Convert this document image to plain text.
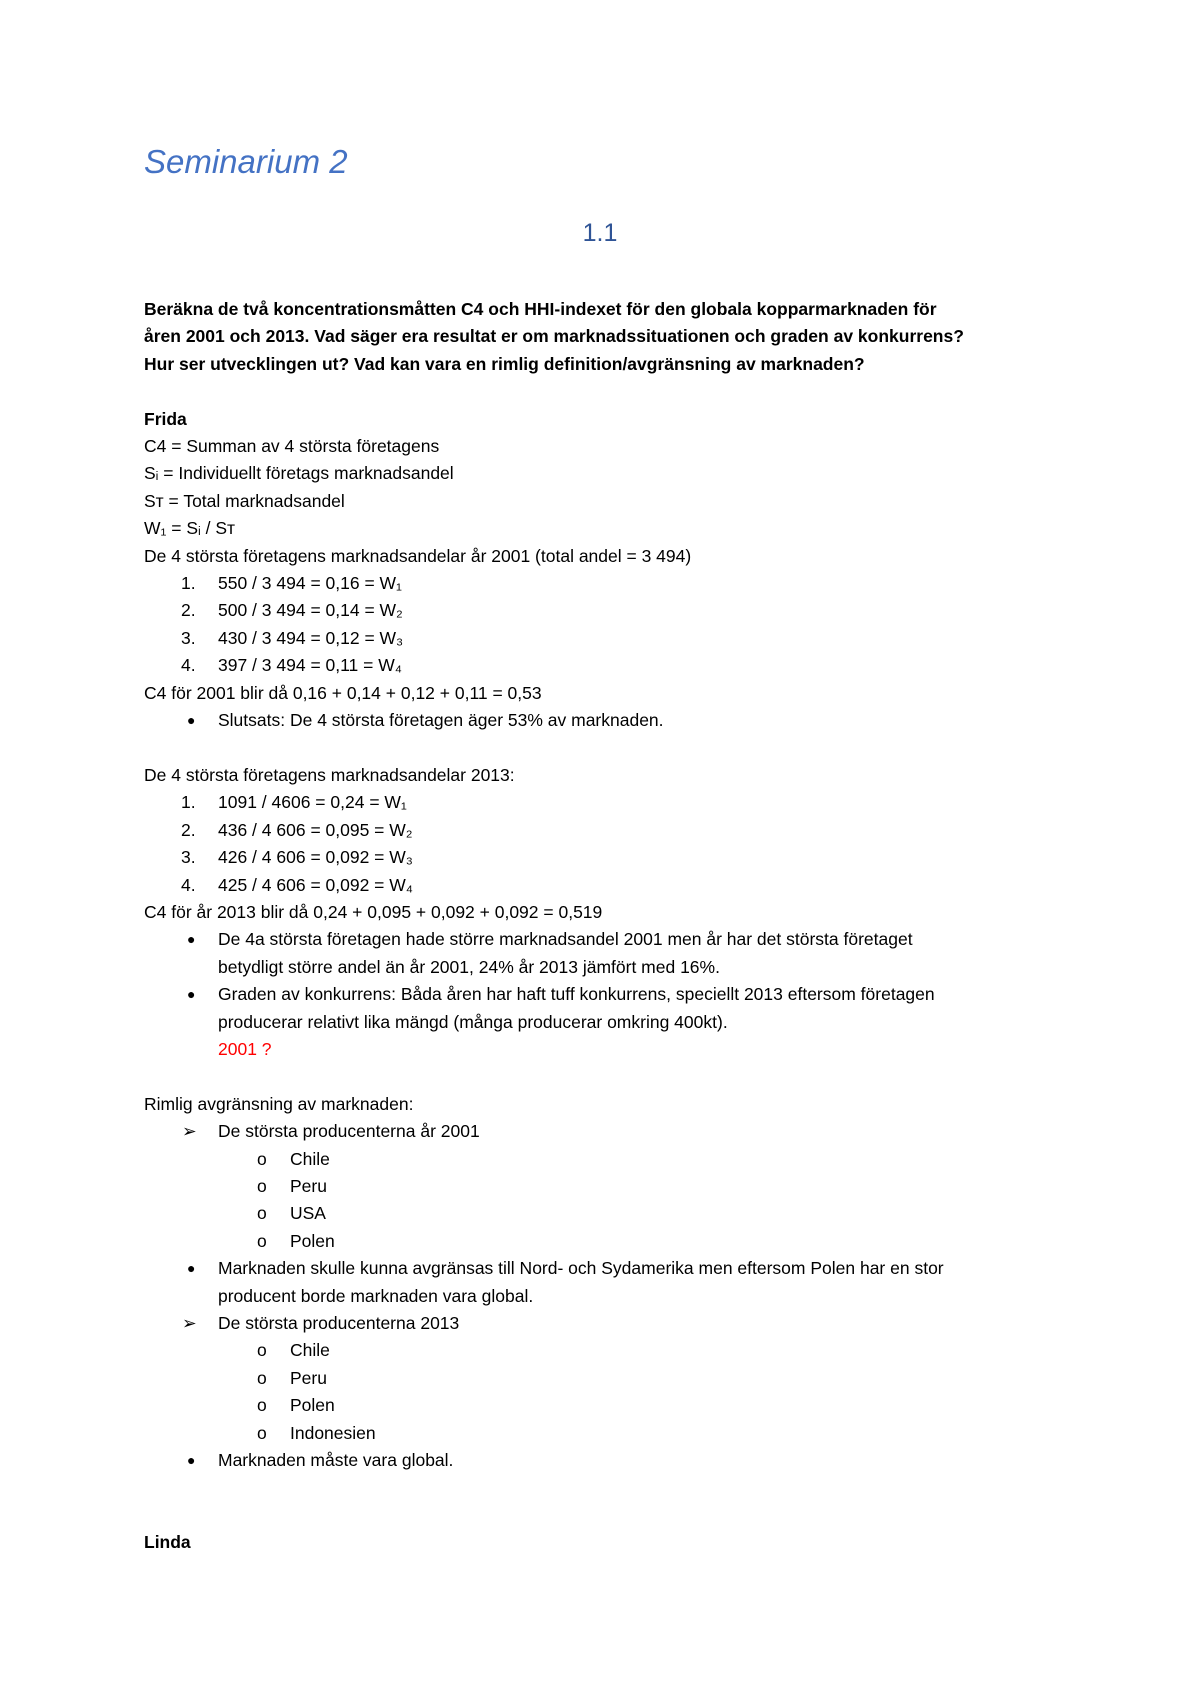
Seminarium 2
1.1

Beräkna de två koncentrationsmåtten C4 och HHI-indexet för den globala kopparmarknaden för

åren 2001 och 2013. Vad säger era resultat er om marknadssituationen och graden av konkurrens?

Hur ser utvecklingen ut? Vad kan vara en rimlig definition/avgränsning av marknaden?

Frida
C4 = Summan av 4 största företagens
Sᵢ = Individuellt företags marknadsandel
Sᴛ = Total marknadsandel
W₁ = Sᵢ / Sᴛ
De 4 största företagens marknadsandelar år 2001 (total andel = 3 494)
1. 550 / 3 494 = 0,16 = W₁
2. 500 / 3 494 = 0,14 = W₂
3. 430 / 3 494 = 0,12 = W₃
4. 397 / 3 494 = 0,11 = W₄
C4 för 2001 blir då 0,16 + 0,14 + 0,12 + 0,11 = 0,53
● Slutsats: De 4 största företagen äger 53% av marknaden.
De 4 största företagens marknadsandelar 2013:
1. 1091 / 4606 = 0,24 = W₁
2. 436 / 4 606 = 0,095 = W₂
3. 426 / 4 606 = 0,092 = W₃
4. 425 / 4 606 = 0,092 = W₄
C4 för år 2013 blir då 0,24 + 0,095 + 0,092 + 0,092 = 0,519
● De 4a största företagen hade större marknadsandel 2001 men år har det största företaget
betydligt större andel än år 2001, 24% år 2013 jämfört med 16%.
● Graden av konkurrens: Båda åren har haft tuff konkurrens, speciellt 2013 eftersom företagen
producerar relativt lika mängd (många producerar omkring 400kt).
2001 ?
Rimlig avgränsning av marknaden:
➢ De största producenterna år 2001
o Chile
o Peru
o USA
o Polen
● Marknaden skulle kunna avgränsas till Nord- och Sydamerika men eftersom Polen har en stor
producent borde marknaden vara global.
➢ De största producenterna 2013
o Chile
o Peru
o Polen
o Indonesien
● Marknaden måste vara global.
Linda
